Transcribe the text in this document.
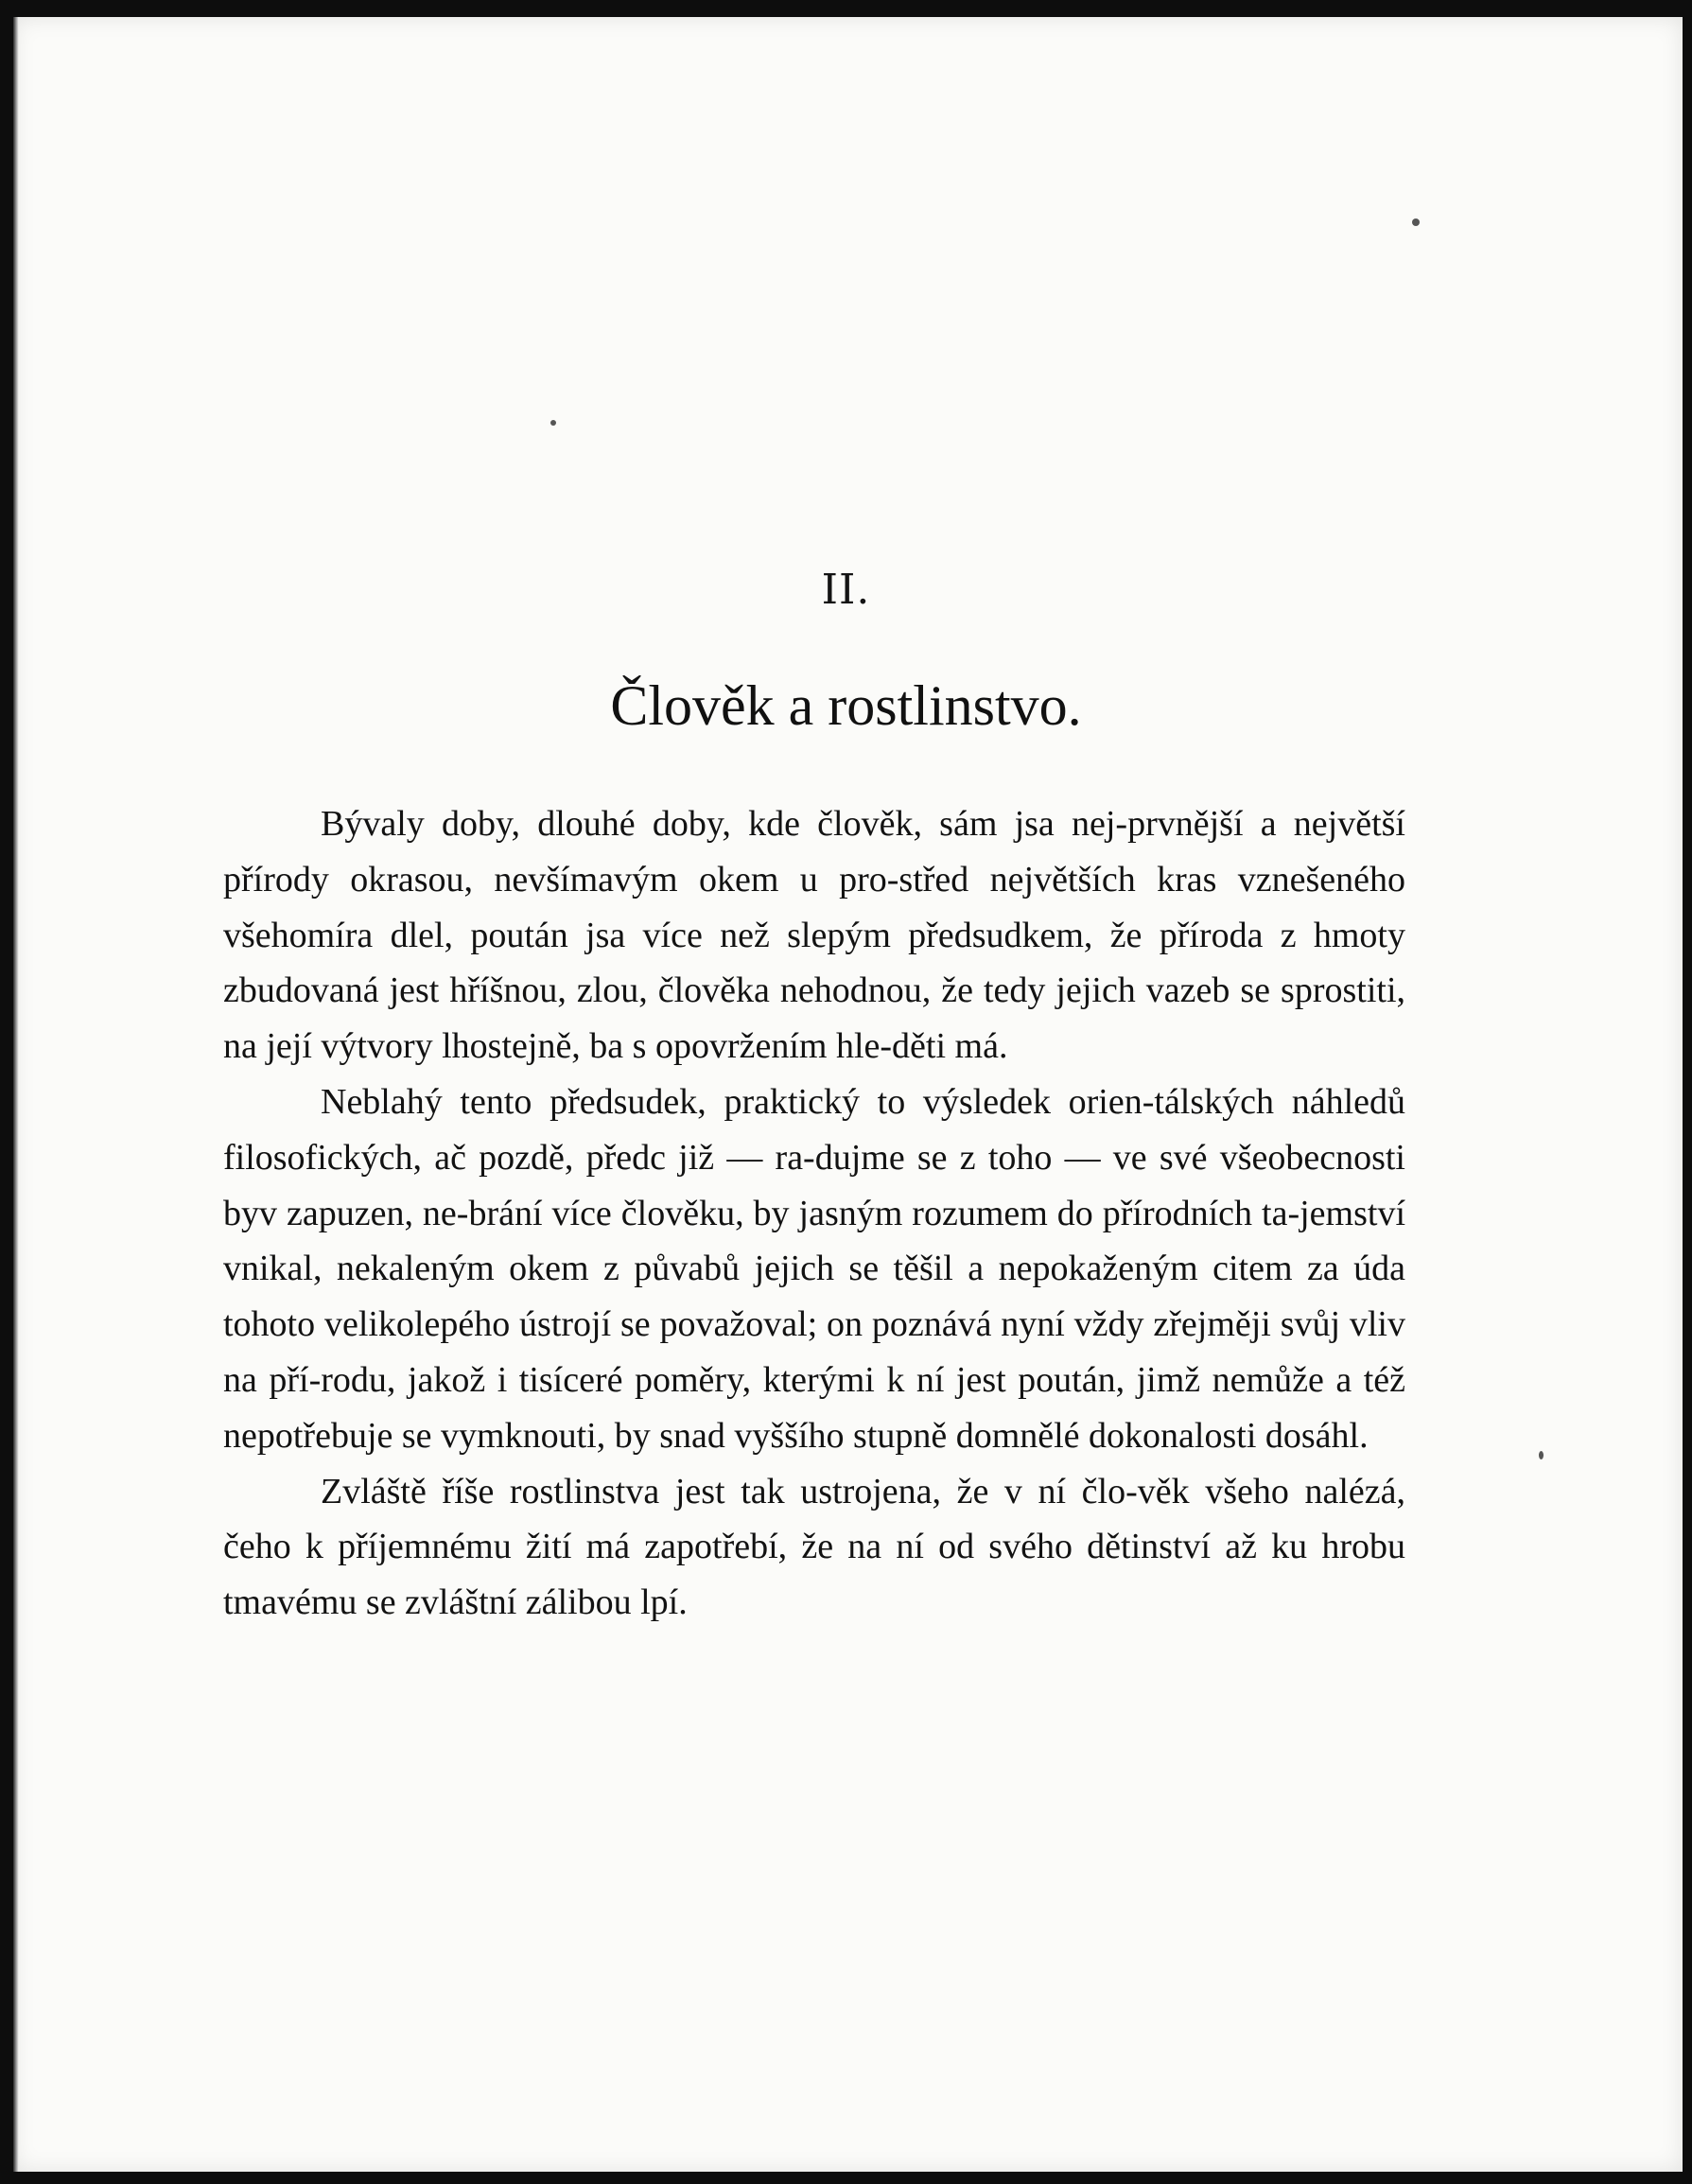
II.
Člověk a rostlinstvo.

Bývaly doby, dlouhé doby, kde člověk, sám jsa nej-prvnější a největší přírody okrasou, nevšímavým okem u pro-střed největších kras vznešeného všehomíra dlel, poután jsa více než slepým předsudkem, že příroda z hmoty zbudovaná jest hříšnou, zlou, člověka nehodnou, že tedy jejich vazeb se sprostiti, na její výtvory lhostejně, ba s opovržením hle-děti má.

Neblahý tento předsudek, praktický to výsledek orien-tálských náhledů filosofických, ač pozdě, předc již — ra-dujme se z toho — ve své všeobecnosti byv zapuzen, ne-brání více člověku, by jasným rozumem do přírodních ta-jemství vnikal, nekaleným okem z půvabů jejich se těšil a nepokaženým citem za úda tohoto velikolepého ústrojí se považoval; on poznává nyní vždy zřejměji svůj vliv na pří-rodu, jakož i tisíceré poměry, kterými k ní jest poután, jimž nemůže a též nepotřebuje se vymknouti, by snad vyššího stupně domnělé dokonalosti dosáhl.

Zvláště říše rostlinstva jest tak ustrojena, že v ní člo-věk všeho nalézá, čeho k příjemnému žití má zapotřebí, že na ní od svého dětinství až ku hrobu tmavému se zvláštní zálibou lpí.
